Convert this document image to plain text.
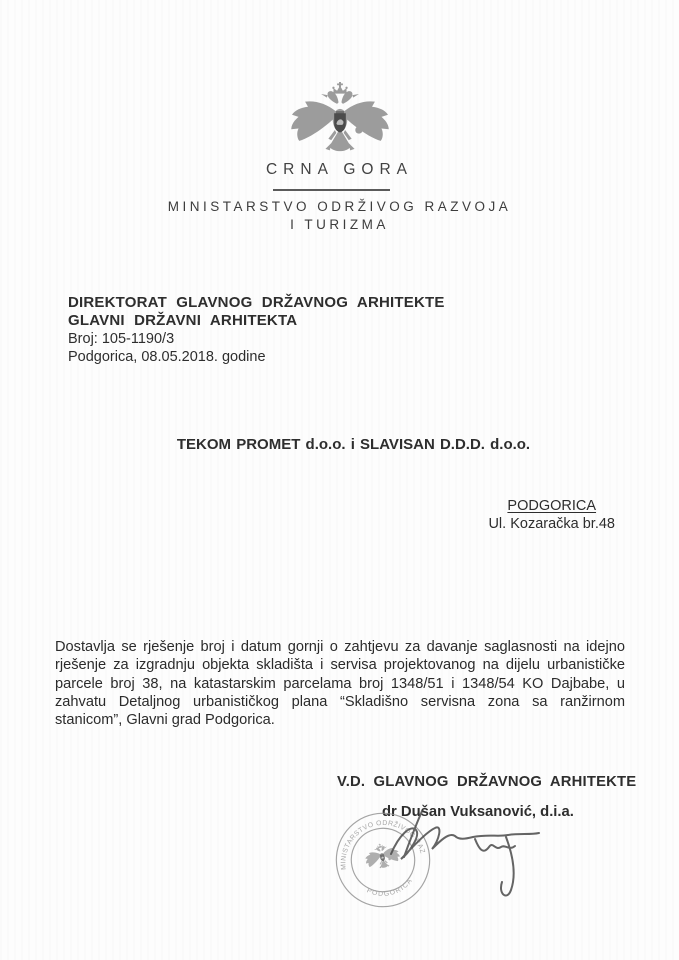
CRNA GORA
MINISTARSTVO ODRŽIVOG RAZVOJA
I TURIZMA
DIREKTORAT GLAVNOG DRŽAVNOG ARHITEKTE
GLAVNI DRŽAVNI ARHITEKTA
Broj: 105-1190/3
Podgorica, 08.05.2018. godine
TEKOM PROMET d.o.o. i SLAVISAN D.D.D. d.o.o.
PODGORICA
Ul. Kozaračka br.48
Dostavlja se rješenje broj i datum gornji o zahtjevu za davanje saglasnosti na idejno rješenje za izgradnju objekta skladišta i servisa projektovanog na dijelu urbanističke parcele broj 38, na katastarskim parcelama broj 1348/51 i 1348/54 KO Dajbabe, u zahvatu Detaljnog urbanističkog plana “Skladišno servisna zona sa ranžirnom stanicom”, Glavni grad Podgorica.
V.D. GLAVNOG DRŽAVNOG ARHITEKTE
dr Dušan Vuksanović, d.i.a.
MINISTARSTVO ODRŽIVOG RAZVOJA
PODGORICA
